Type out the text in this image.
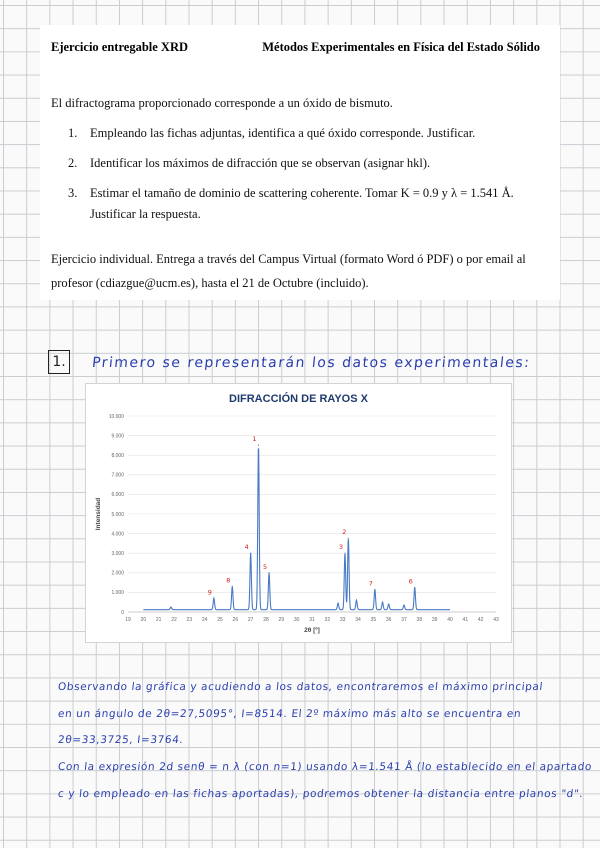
Ejercicio entregable XRD	Métodos Experimentales en Física del Estado Sólido
El difractograma proporcionado corresponde a un óxido de bismuto.
1. Empleando las fichas adjuntas, identifica a qué óxido corresponde. Justificar.
2. Identificar los máximos de difracción que se observan (asignar hkl).
3. Estimar el tamaño de dominio de scattering coherente. Tomar K = 0.9 y λ = 1.541 Å. Justificar la respuesta.
Ejercicio individual. Entrega a través del Campus Virtual (formato Word ó PDF) o por email al profesor (cdiazgue@ucm.es), hasta el 21 de Octubre (incluido).
1.	Primero se representarán los datos experimentales:
DIFRACCIÓN DE RAYOS X
0
1.000
2.000
3.000
4.000
5.000
6.000
7.000
8.000
9.000
10.000
19 20 21 22 23 24 25 26 27 28 29 30 31 32 33 34 35 36 37 38 39 40 41 42 43
2θ [º]
Intensidad
9
8
4
1
5
3
2
7	6
Observando la gráfica y acudiendo a los datos, encontraremos el máximo principal
en un ángulo de 2θ=27,5095°, I=8514. El 2º máximo más alto se encuentra en
2θ=33,3725, I=3764.
Con la expresión 2d senθ = n λ (con n=1) usando λ=1.541 Å (lo establecido en el apartado
c y lo empleado en las fichas aportadas), podremos obtener la distancia entre planos "d".
